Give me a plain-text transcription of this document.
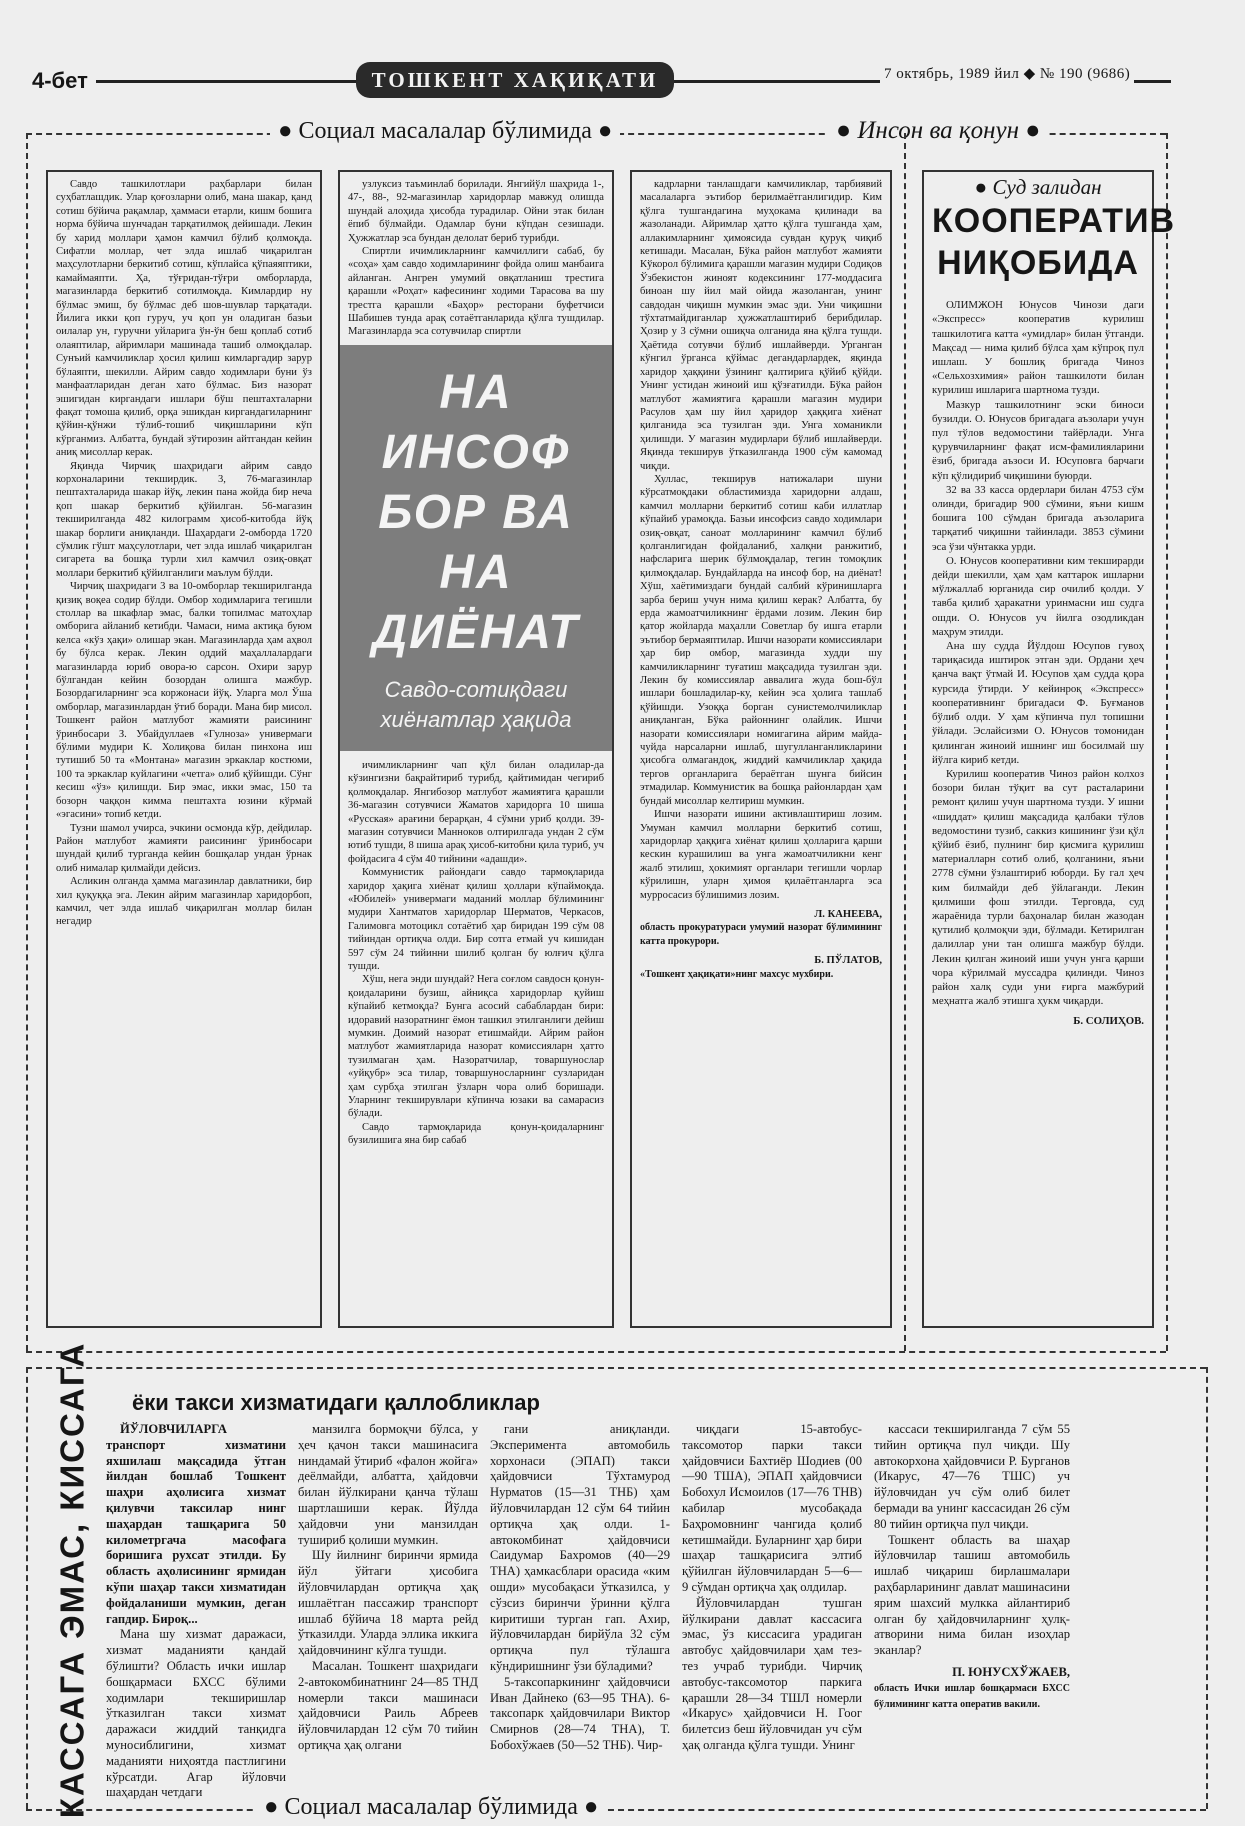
4-бет	ТОШКЕНТ ХАҚИҚАТИ	7 октябрь, 1989 йил ◆ № 190 (9686)
● Социал масалалар бўлимида ●	● Инсон ва қонун ●

Савдо ташкилотлари раҳбарлари билан суҳбатлашдик. Улар қоғозларни олиб, мана шакар, қанд сотиш бўйича рақамлар, ҳаммаси етарли, кишм бошига норма бўйича шунчадан тарқатилмоқ дейишади. Лекин бу харид моллари ҳамон камчил бўлиб қолмоқда. Сифатли моллар, чет элда ишлаб чиқарилган маҳсулотларни беркитиб сотиш, кўплайса қўпаяяптики, камаймаяпти. Ҳа, тўғридан-тўғри омборларда, магазинларда беркитиб сотилмоқда. Кимлардир ну бўлмас эмиш, бу бўлмас деб шов-шувлар тарқатади. Йилига икки қоп гуруч, уч қоп ун оладиган базьи оилалар ун, гуручни уйларига ўн-ўн беш қоплаб сотиб олаяптилар, айримлари машинада ташиб олмоқдалар. Сунъий камчиликлар ҳосил қилиш кимларгадир зарур бўлаяпти, шекилли. Айрим савдо ходимлари буни ўз манфаатларидан деган хато бўлмас. Биз назорат эшигидан киргандаги ишлари бўш пештахталарни фақат томоша қилиб, орқа эшикдан киргандагиларнинг қўйин-қўнжи тўлиб-тошиб чиқишларини кўп кўрганмиз. Албатта, бундай зўтирозин айтгандан кейин аниқ мисоллар керак.

Яқинда Чирчиқ шаҳридаги айрим савдо корхоналарини текширдик. 3, 76-магазинлар пештахталарида шакар йўқ, лекин пана жойда бир неча қоп шакар беркитиб қўйилган. 56-магазин текширилганда 482 килограмм ҳисоб-китобда йўқ шакар борлиги аниқланди. Шаҳардаги 2-омборда 1720 сўмлик гўшт маҳсулотлари, чет элда ишлаб чиқарилган сигарета ва бошқа турли хил камчил озиқ-овқат моллари беркитиб қўйилганлиги маълум бўлди.

Чирчиқ шаҳридаги 3 ва 10-омборлар текширилганда қизиқ воқеа содир бўлди. Омбор ходимларига тегишли столлар ва шкафлар эмас, балки топилмас матоҳлар омборига айланиб кетибди. Чамаси, нима актиқа буюм келса «кўз ҳақи» олишар экан. Магазинларда ҳам аҳвол бу бўлса керак. Лекин оддий маҳаллалардаги магазинларда юриб овора-ю сарсон. Охири зарур бўлгандан кейин бозордан олишга мажбур. Бозордагиларнинг эса коржонаси йўқ. Уларга мол Ўша омборлар, магазинлардан ўтиб боради. Мана бир мисол. Тошкент район матлубот жамияти раисининг ўринбосари З. Убайдуллаев «Гулноза» универмаги бўлими мудири К. Холиқова билан пинхона иш тутишиб 50 та «Монтана» магазин эркаклар костюми, 100 та эркаклар куйлагини «четга» олиб қўйишди. Сўнг кесиш «ўз» қилишди. Бир эмас, икки эмас, 150 та бозорн чаққон кимма пештахта юзини кўрмай «эгасини» топиб кетди.

Тузни шамол учирса, эчкини осмонда кўр, дейдилар. Район матлубот жамияти раисининг ўринбосари шундай қилиб турганда кейин бошқалар ундан ўрнак олиб нималар қилмайди дейсиз.

Асликин олганда ҳамма магазинлар давлатники, бир хил қуқуққа эга. Лекин айрим магазинлар харидорбоп, камчил, чет элда ишлаб чиқарилган моллар билан негадир

узлуксиз таъминлаб борилади. Янгийўл шаҳрида 1-, 47-, 88-, 92-магазинлар харидорлар мавжуд олишда шундай алоҳида ҳисобда турадилар. Ойни этак билан ёпиб бўлмайди. Одамлар буни кўпдан сезишади. Ҳужжатлар эса бундан делолат бериб турибди.

Спиртли ичимликларнинг камчиллиги сабаб, бу «соҳа» ҳам савдо ходимларининг фойда олиш манбаига айланган. Ангрен умумий овқатланиш трестига қарашли «Роҳат» кафесининг ходими Тарасова ва шу трестга қарашли «Баҳор» ресторани буфетчиси Шабишев тунда арақ сотаётганларида қўлга тушдилар. Магазинларда эса сотувчилар спиртли

НА ИНСОФ
БОР ВА
НА ДИЁНАТ
Савдо-сотиқдаги хиёнатлар ҳақида

ичимликларнинг чап қўл билан оладилар-да кўзингизни бақрайтириб турибд, қайтимидан чегириб қолмоқдалар. Янгибозор матлубот жамиятига қарашли 36-магазин сотувчиси Жаматов харидорга 10 шиша «Русская» арағини берарқан, 4 сўмни уриб қолди. 39-магазин сотувчиси Манноков олтирилгада ундан 2 сўм ютиб тушди, 8 шиша арақ ҳисоб-китобни қила туриб, уч фойдасига 4 сўм 40 тийнини «адашди».

Коммунистик райондаги савдо тармоқларида харидор ҳақига хиёнат қилиш ҳоллари кўпаймоқда. «Юбилей» универмаги маданий моллар бўлимининг мудири Хантматов харидорлар Шерматов, Черкасов, Галимовга мотоцикл сотаётиб ҳар биридан 199 сўм 08 тийиндан ортиқча олди. Бир сотга етмай уч кишидан 597 сўм 24 тийинни шилиб қолган бу юлғич қўлга тушди.

Хўш, нега энди шундай? Нега соғлом савдосн қонун-қоидаларини бузиш, айниқса харидорлар қуйиш кўпайиб кетмоқда? Бунга асосий сабаблардан бири: идоравий назоратнинг ёмон ташкил этилганлиги дейиш мумкин. Доимий назорат етишмайди. Айрим район матлубот жамиятларида назорат комиссияларн ҳатто тузилмаган ҳам. Назоратчилар, товаршунослар «уйқубр» эса тилар, товаршуносларнинг сузларидан ҳам сурбҳа этилган ўзларн чора олиб боришади. Уларнинг текширувлари кўпинча юзаки ва самарасиз бўлади.

Савдо тармоқларида қонун-қоидаларнинг бузилишига яна бир сабаб

кадрларни танлашдаги камчиликлар, тарбиявий масалаларга эътибор берилмаётганлигидир. Ким қўлга тушгандагина муҳокама қилинади ва жазоланади. Айримлар ҳатто қўлга тушганда ҳам, аллакимларнинг ҳимоясида сувдан қуруқ чиқиб кетишади. Масалан, Бўка район матлубот жамияти Кўкорол бўлимига қарашли магазин мудири Содиқов Ўзбекистон жиноят кодексининг 177-моддасига биноан шу йил май ойида жазоланган, унинг савдодан чиқишн мумкин эмас эди. Уни чиқишни тўхтатмайдиганлар ҳужжатлаштириб берибдилар. Ҳозир у 3 сўмни ошиқча олганида яна қўлга тушди. Ҳаётида сотувчи бўлиб ишлайверди. Урганган кўнгил ўрганса қўймас дегандарлардек, яқинда харидор ҳаққини ўзининг қалтирига қўйиб қўйди. Унинг устидан жиноий иш қўзғатилди. Бўка район матлубот жамиятига қарашли магазин мудири Расулов ҳам шу йил ҳаридор ҳаққига хиёнат қилганида эса тузилган эди. Унга хоманикли ҳилишди. У магазин мудирлари бўлиб ишлайверди. Яқинда текширув ўтказилганда 1900 сўм камомад чиқди.

Хуллас, текширув натижалари шуни кўрсатмоқдаки областимизда харидорни алдаш, камчил молларни беркитиб сотиш каби иллатлар кўпайиб урамоқда. Базьи инсофсиз савдо ходимлари озиқ-овқат, саноат молларининг камчил бўлиб қолганлигидан фойдаланиб, халқни ранжитиб, нафсларига шерик бўлмоқдалар, тегин томоқлик қилмоқдалар. Бундайларда на инсоф бор, на диёнат! Хўш, хаётимиздаги бундай салбий кўринишларга зарба бериш учун нима қилиш керак? Албатта, бу ерда жамоатчиликнинг ёрдами лозим. Лекин бир қатор жойларда маҳалли Советлар бу ишга етарли эътибор бермаяптилар. Ишчи назорати комиссиялари ҳар бир омбор, магазинда худди шу камчиликларнинг туғатиш мақсадида тузилган эди. Лекин бу комиссиялар аввалига жуда бош-бўл ишлари бошладилар-ку, кейин эса ҳолига ташлаб қўйишди. Узоққа борган сунистемолчиликлар аниқланган, Бўка районнинг олайлик. Ишчи назорати комиссиялари номигагина айрим майда-чуйда нарсаларни ишлаб, шугулланганликларини ҳисобга олмагандоқ, жиддий камчиликлар ҳақида тергов органларига бераётган шунга бийсин этмадилар. Коммунистик ва бошқа районлардан ҳам бундай мисоллар келтириш мумкин.

Ишчи назорати ишини активлаштириш лозим. Умуман камчил молларни беркитиб сотиш, харидорлар ҳаққига хиёнат қилиш ҳолларига қарши кескин курашилиш ва унга жамоатчиликни кенг жалб этилиш, ҳокимият органлари тегишли чорлар кўрилишн, уларн ҳимоя қилаётганларга эса мурросасиз бўлишимиз лозим.

Л. КАНЕЕВА,

область прокуратураси умумий назорат бўлимининг катта прокурори.

Б. ПЎЛАТОВ,

«Тошкент ҳақиқати»нинг махсус мухбири.

● Суд залидан
КООПЕРАТИВ
НИҚОБИДА

ОЛИМЖОН Юнусов Чинози даги «Экспресс» кооператив курилиш ташкилотига катта «умидлар» билан ўтганди. Мақсад — нима қилиб бўлса ҳам кўпроқ пул ишлаш. У бошлиқ бригада Чиноз «Сельхозхимия» район ташкилоти билан курилиш ишларига шартнома тузди.

Мазкур ташкилотнинг эски биноси бузилди. О. Юнусов бригадага аъзолари учун пул тўлов ведомостини тайёрлади. Унга қурувчиларнинг фақат исм-фамилияларини ёзиб, бригада аъзоси И. Юсуповга барчаги кўп қўлидириб чиқишини буюрди.

32 ва 33 касса ордерлари билан 4753 сўм олинди, бригадир 900 сўмини, яъни кишм бошига 100 сўмдан бригада аъзоларига тарқатиб чиқишни тайинлади. 3853 сўмини эса ўзи чўнтакка урди.

О. Юнусов кооперативни ким текширарди дейди шекилли, ҳам ҳам каттарок ишларни мўлжаллаб юрганида сир очилиб қолди. У тавба қилиб ҳаракатни уринмасни иш судга ошди. О. Юнусов уч йилга озодликдан маҳрум этилди.

Ана шу судда Йўлдош Юсупов гувоҳ тариқасида иштирок этган эди. Ордани ҳеч қанча вақт ўтмай И. Юсупов ҳам судда қора курсида ўтирди. У кейинроқ «Экспресс» кооперативнинг бригадаси Ф. Буғманов бўлиб олди. У ҳам кўпинча пул топишни ўйлади. Эслайсизми О. Юнусов томонидан қилинган жиноий ишнинг иш босилмай шу йўлга кириб кетди.

Курилиш кооператив Чиноз район колхоз бозори билан тўқит ва сут расталарини ремонт қилиш учун шартнома тузди. У ишни «шиддат» қилиш мақсадида қалбаки тўлов ведомостини тузиб, саккиз кишининг ўзи қўл қўйиб ёзиб, пулнинг бир қисмига қурилиш материалларн сотиб олиб, қолганини, яъни 2778 сўмни ўзлаштириб юборди. Бу гал ҳеч ким билмайди деб ўйлаганди. Лекин қилмиши фош этилди. Терговда, суд жараёнида турли баҳоналар билан жазодан қутилиб қолмоқчи эди, бўлмади. Кетирилган далиллар уни тан олишга мажбур бўлди. Лекин қилган жиноий иши учун унга қарши чора кўрилмай муссадра қилинди. Чиноз район халқ суди уни ғирга мажбурий меҳнатга жалб этишга ҳукм чиқарди.

Б. СОЛИҲОВ.

КАССАГА ЭМАС, КИССАГА ёки такси хизматидаги қаллобликлар

ЙЎЛОВЧИЛАРГА транспорт хизматини яхшилаш мақсадида ўтган йилдан бошлаб Тошкент шаҳри аҳолисига хизмат қилувчи таксилар нинг шаҳардан ташқарига 50 километргача масофага боришига рухсат этилди. Бу область аҳолисининг ярмидан кўпи шаҳар такси хизматидан фойдаланиши мумкин, деган гапдир. Бироқ...

Мана шу хизмат даражаси, хизмат маданияти қандай бўлишти? Область ички ишлар бошқармаси БХСС бўлими ходимлари текширишлар ўтказилган такси хизмат даражаси жиддий танқидга муносиблигини, хизмат маданияти ниҳоятда пастлигини кўрсатди. Агар йўловчи шаҳардан четдаги

манзилга бормоқчи бўлса, у ҳеч қачон такси машинасига ниндамай ўтириб «фалон жойга» деёлмайди, албатта, ҳайдовчи билан йўлкирани қанча тўлаш шартлашиши керак. Йўлда ҳайдовчи уни манзилдан тушириб қолиши мумкин.

Шу йилнинг биринчи ярмида йўл ўйтаги ҳисобига йўловчилардан ортиқча ҳақ ишлаётган пассажир транспорт ишлаб бўйича 18 марта рейд ўтказилди. Уларда эллика иккига ҳайдовчининг кўлга тушди.

Масалан. Тошкент шаҳридаги 2-автокомбинатнинг 24—85 ТНД номерли такси машинаси ҳайдовчиси Раиль Абреев йўловчилардан 12 сўм 70 тийин ортиқча ҳақ олгани

гани аниқланди. Эксперимента автомобиль хорхонаси (ЭПАП) такси ҳайдовчиси Тўхтамурод Нурматов (15—31 ТНБ) ҳам йўловчилардан 12 сўм 64 тийин ортиқча ҳақ олди. 1-автокомбинат ҳайдовчиси Саидумар Бахромов (40—29 ТНА) ҳамкасблари орасида «ким ошди» мусобақаси ўтказилса, у сўзсиз биринчи ўринни қўлга киритиши турган гап. Ахир, йўловчилардан бирйўла 32 сўм ортиқча пул тўлашга кўндиришнинг ўзи бўладими?

5-таксопаркининг ҳайдовчиси Иван Дайнеко (63—95 ТНА). 6-таксопарк ҳайдовчилари Виктор Смирнов (28—74 ТНА), Т. Бобохўжаев (50—52 ТНБ). Чир-

чиқдаги 15-автобус-таксомотор парки такси ҳайдовчиси Бахтиёр Шодиев (00—90 ТША), ЭПАП ҳайдовчиси Бобохул Исмоилов (17—76 ТНВ) кабилар мусобақада Баҳромовнинг чангида қолиб кетишмайди. Буларнинг ҳар бири шаҳар ташқарисига элтиб қўйилган йўловчилардан 5—6—9 сўмдан ортиқча ҳақ олдилар.

Йўловчилардан тушган йўлкирани давлат кассасига эмас, ўз киссасига урадиган автобус ҳайдовчилари ҳам тез-тез учраб турибди. Чирчиқ автобус-таксомотор паркига қарашли 28—34 ТШЛ номерли «Икарус» ҳайдовчиси Н. Гоог билетсиз беш йўловчидан уч сўм ҳақ олганда қўлга тушди. Унинг

кассаси текширилганда 7 сўм 55 тийин ортиқча пул чиқди. Шу автокорхона ҳайдовчиси Р. Бурганов (Икарус, 47—76 ТШС) уч йўловчидан уч сўм олиб билет бермади ва унинг кассасидан 26 сўм 80 тийин ортиқча пул чиқди.

Тошкент область ва шаҳар йўловчилар ташиш автомобиль ишлаб чиқариш бирлашмалари раҳбарларининг давлат машинасини ярим шахсий мулкка айлантириб олган бу ҳайдовчиларнинг ҳулқ-атворини нима билан изоҳлар эканлар?

П. ЮНУСХЎЖАЕВ,

область Ички ишлар бошқармаси БХСС бўлимининг катта оператив вакили.

● Социал масалалар бўлимида ●
